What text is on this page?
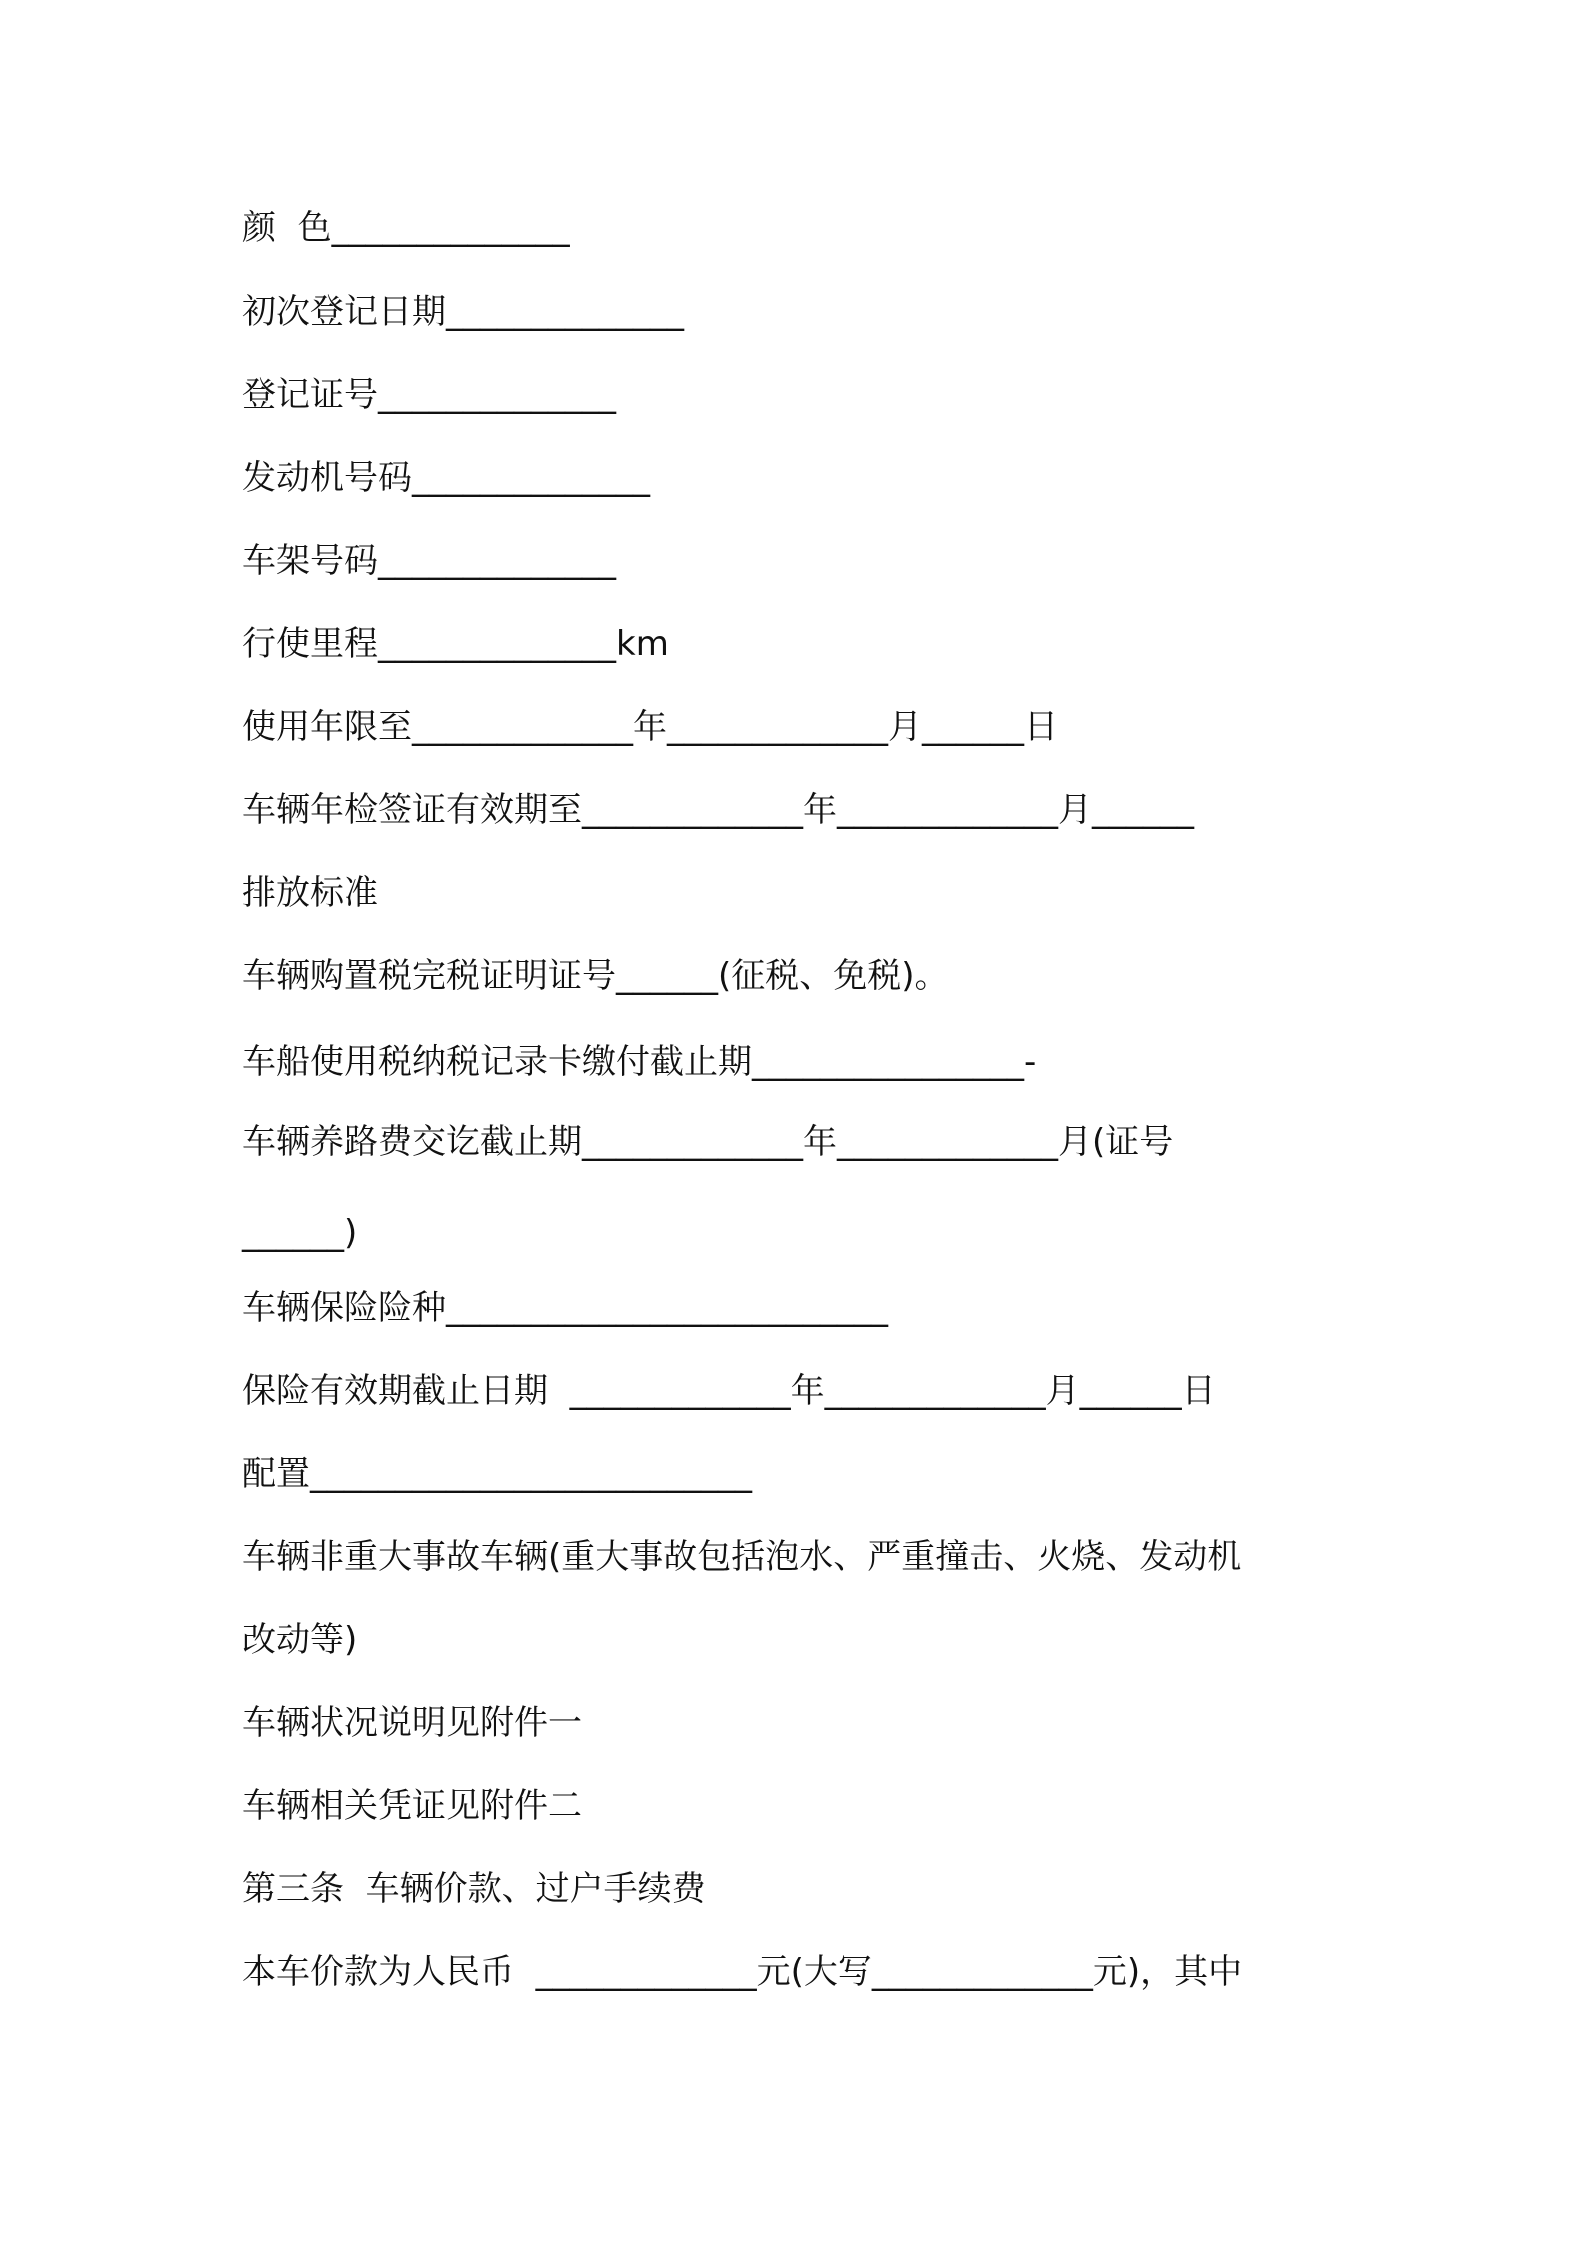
颜  色______________
初次登记日期______________
登记证号______________
发动机号码______________
车架号码______________
行使里程______________km
使用年限至_____________年_____________月______日
车辆年检签证有效期至_____________年_____________月______
排放标准
车辆购置税完税证明证号______(征税、免税)。
车船使用税纳税记录卡缴付截止期________________-
车辆养路费交讫截止期_____________年_____________月(证号
______)
车辆保险险种__________________________
保险有效期截止日期  _____________年_____________月______日
配置__________________________
车辆非重大事故车辆(重大事故包括泡水、严重撞击、火烧、发动机
改动等)
车辆状况说明见附件一
车辆相关凭证见附件二
第三条  车辆价款、过户手续费
本车价款为人民币  _____________元(大写_____________元)，其中
